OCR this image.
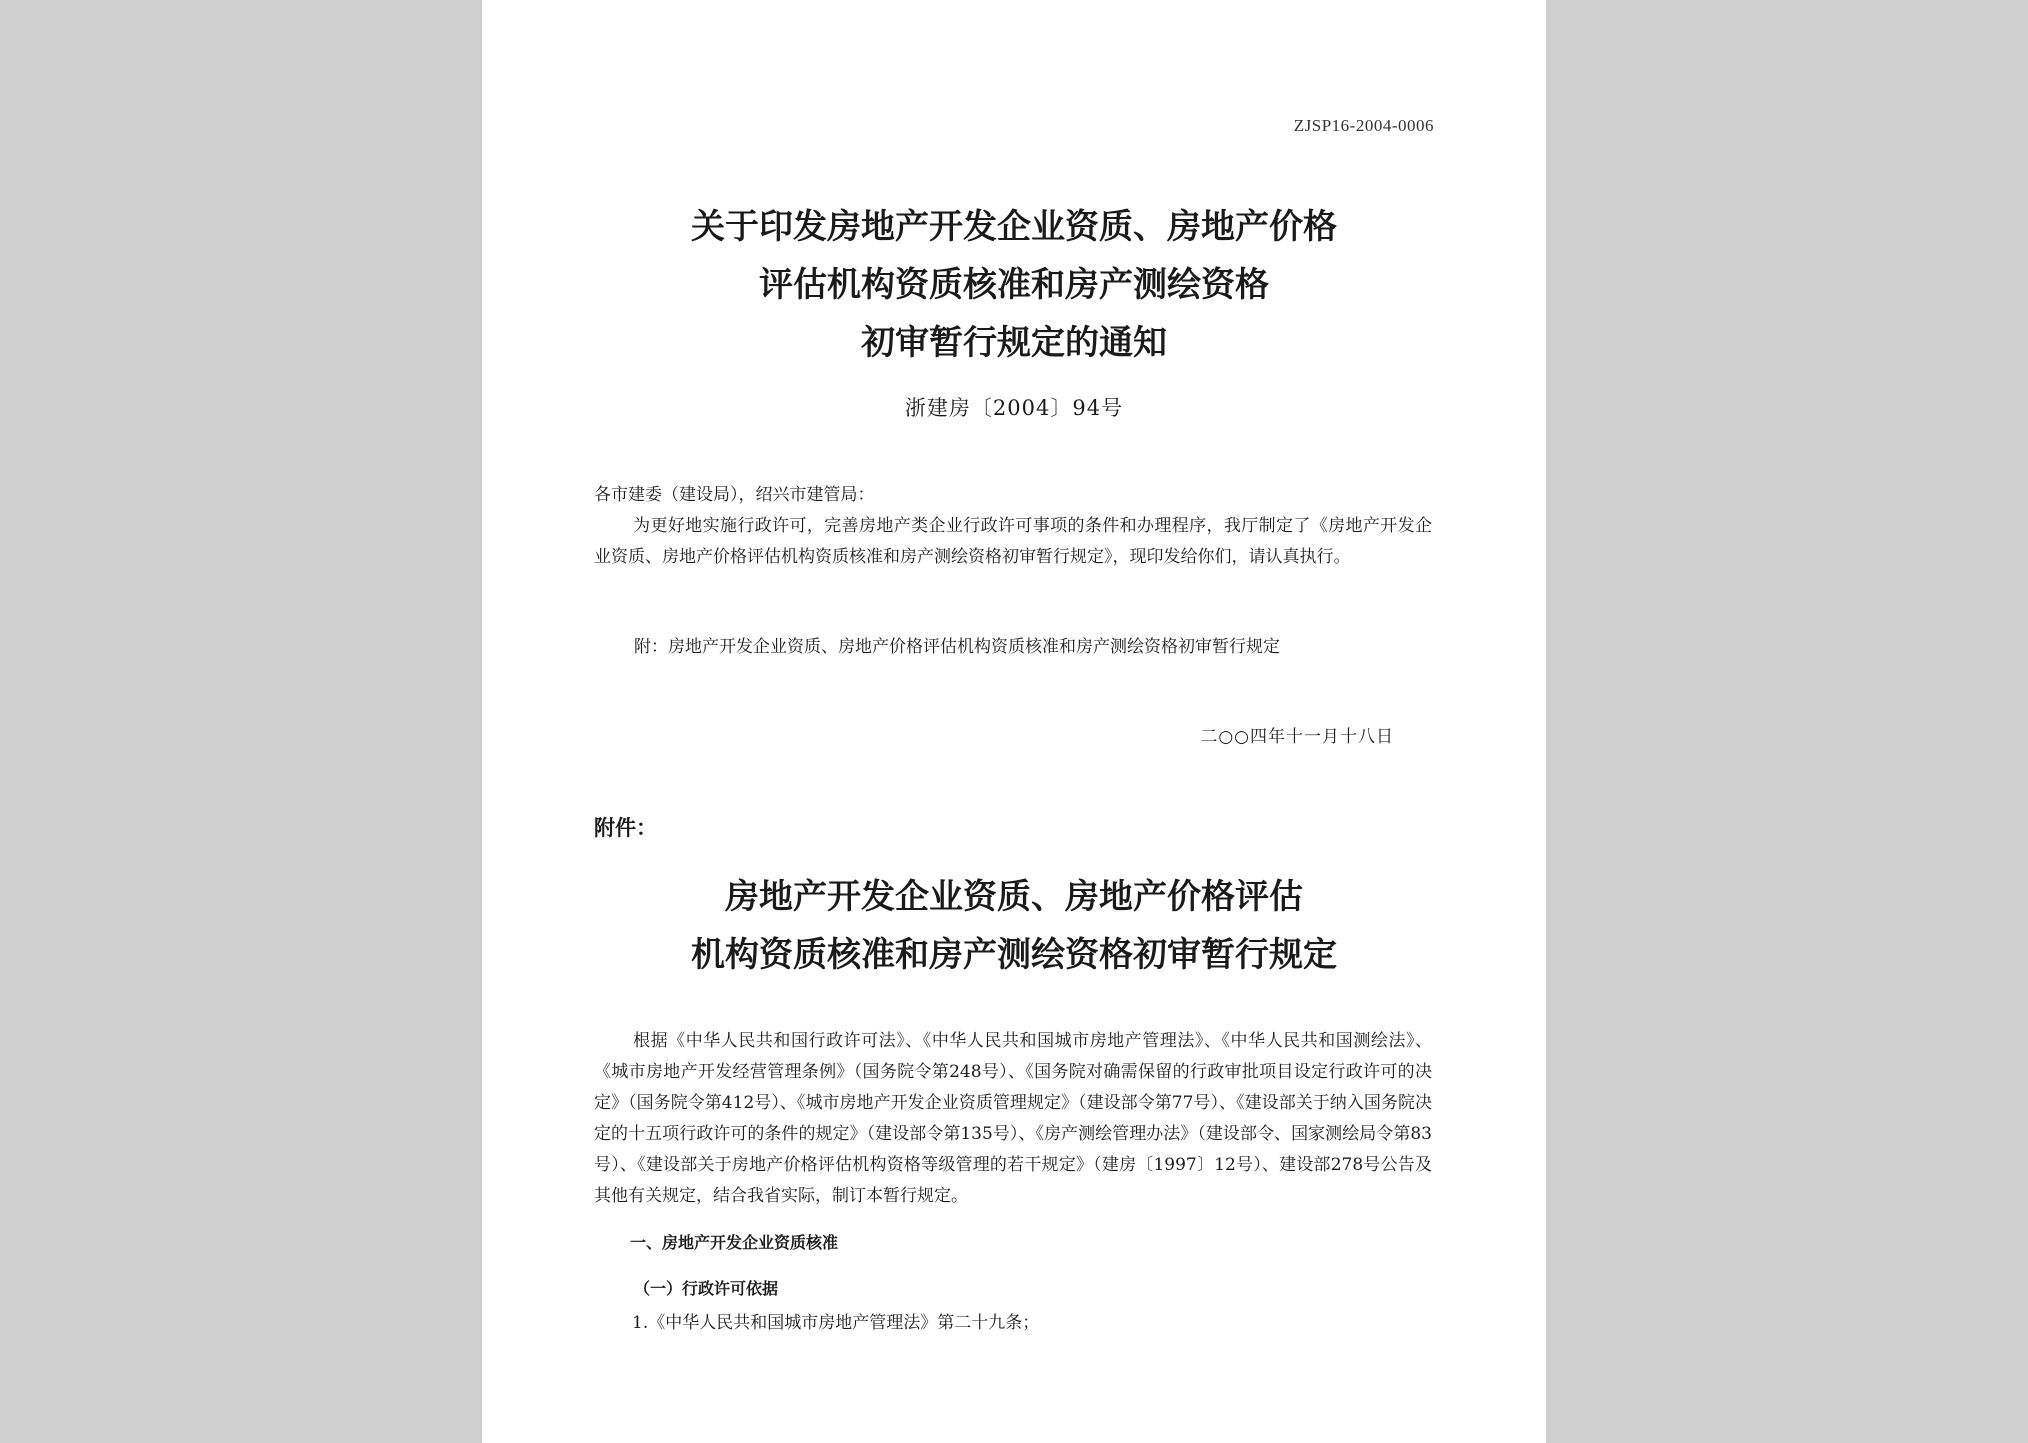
ZJSP16-2004-0006
关于印发房地产开发企业资质、房地产价格
评估机构资质核准和房产测绘资格
初审暂行规定的通知
浙建房〔2004〕94号

各市建委（建设局），绍兴市建管局：

为更好地实施行政许可，完善房地产类企业行政许可事项的条件和办理程序，我厅制定了《房地产开发企业资质、房地产价格评估机构资质核准和房产测绘资格初审暂行规定》，现印发给你们，请认真执行。

附：房地产开发企业资质、房地产价格评估机构资质核准和房产测绘资格初审暂行规定
二○○四年十一月十八日
附件：
房地产开发企业资质、房地产价格评估
机构资质核准和房产测绘资格初审暂行规定

根据《中华人民共和国行政许可法》、《中华人民共和国城市房地产管理法》、《中华人民共和国测绘法》、《城市房地产开发经营管理条例》（国务院令第248号）、《国务院对确需保留的行政审批项目设定行政许可的决定》（国务院令第412号）、《城市房地产开发企业资质管理规定》（建设部令第77号）、《建设部关于纳入国务院决定的十五项行政许可的条件的规定》（建设部令第135号）、《房产测绘管理办法》（建设部令、国家测绘局令第83号）、《建设部关于房地产价格评估机构资格等级管理的若干规定》（建房〔1997〕12号）、建设部278号公告及其他有关规定，结合我省实际，制订本暂行规定。

一、房地产开发企业资质核准
（一）行政许可依据
1.《中华人民共和国城市房地产管理法》第二十九条；
